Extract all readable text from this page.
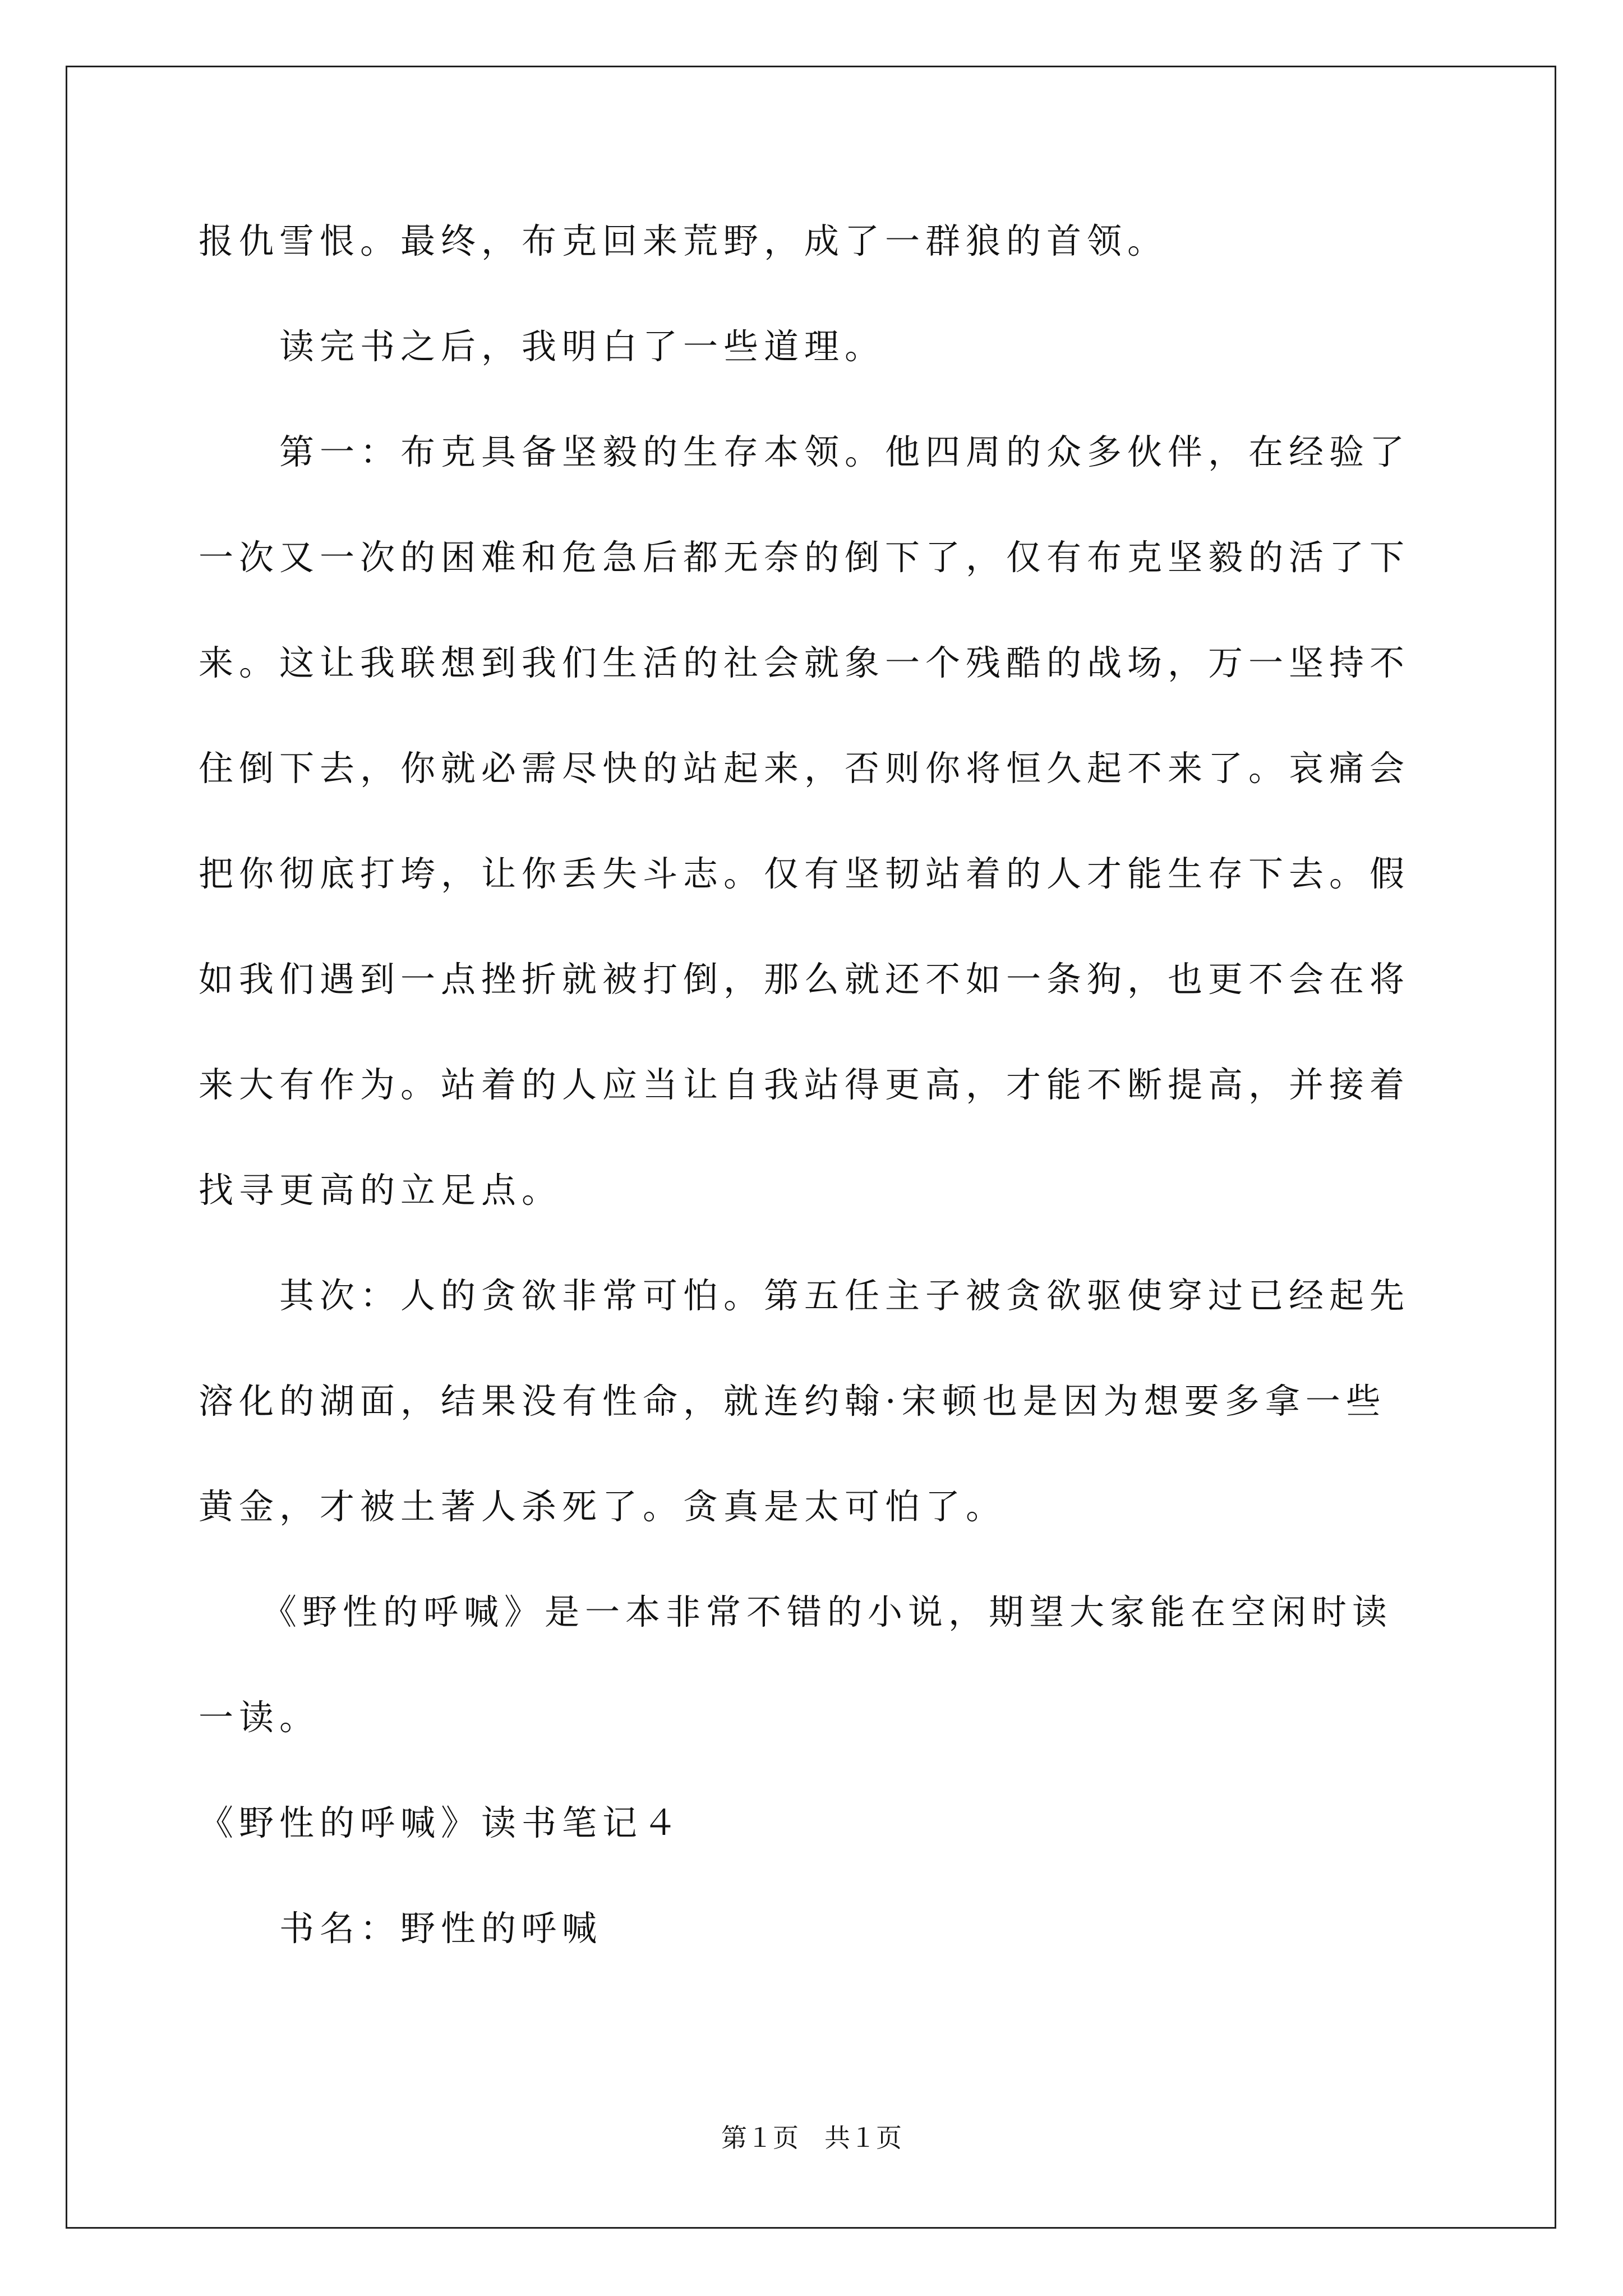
报仇雪恨。最终，布克回来荒野，成了一群狼的首领。
　　读完书之后，我明白了一些道理。
　　第一：布克具备坚毅的生存本领。他四周的众多伙伴，在经验了
一次又一次的困难和危急后都无奈的倒下了，仅有布克坚毅的活了下
来。这让我联想到我们生活的社会就象一个残酷的战场，万一坚持不
住倒下去，你就必需尽快的站起来，否则你将恒久起不来了。哀痛会
把你彻底打垮，让你丢失斗志。仅有坚韧站着的人才能生存下去。假
如我们遇到一点挫折就被打倒，那么就还不如一条狗，也更不会在将
来大有作为。站着的人应当让自我站得更高，才能不断提高，并接着
找寻更高的立足点。
　　其次：人的贪欲非常可怕。第五任主子被贪欲驱使穿过已经起先
溶化的湖面，结果没有性命，就连约翰·宋顿也是因为想要多拿一些
黄金，才被土著人杀死了。贪真是太可怕了。
　　《野性的呼喊》是一本非常不错的小说，期望大家能在空闲时读
一读。
《野性的呼喊》读书笔记４
　　书名：野性的呼喊
第１页　共１页
